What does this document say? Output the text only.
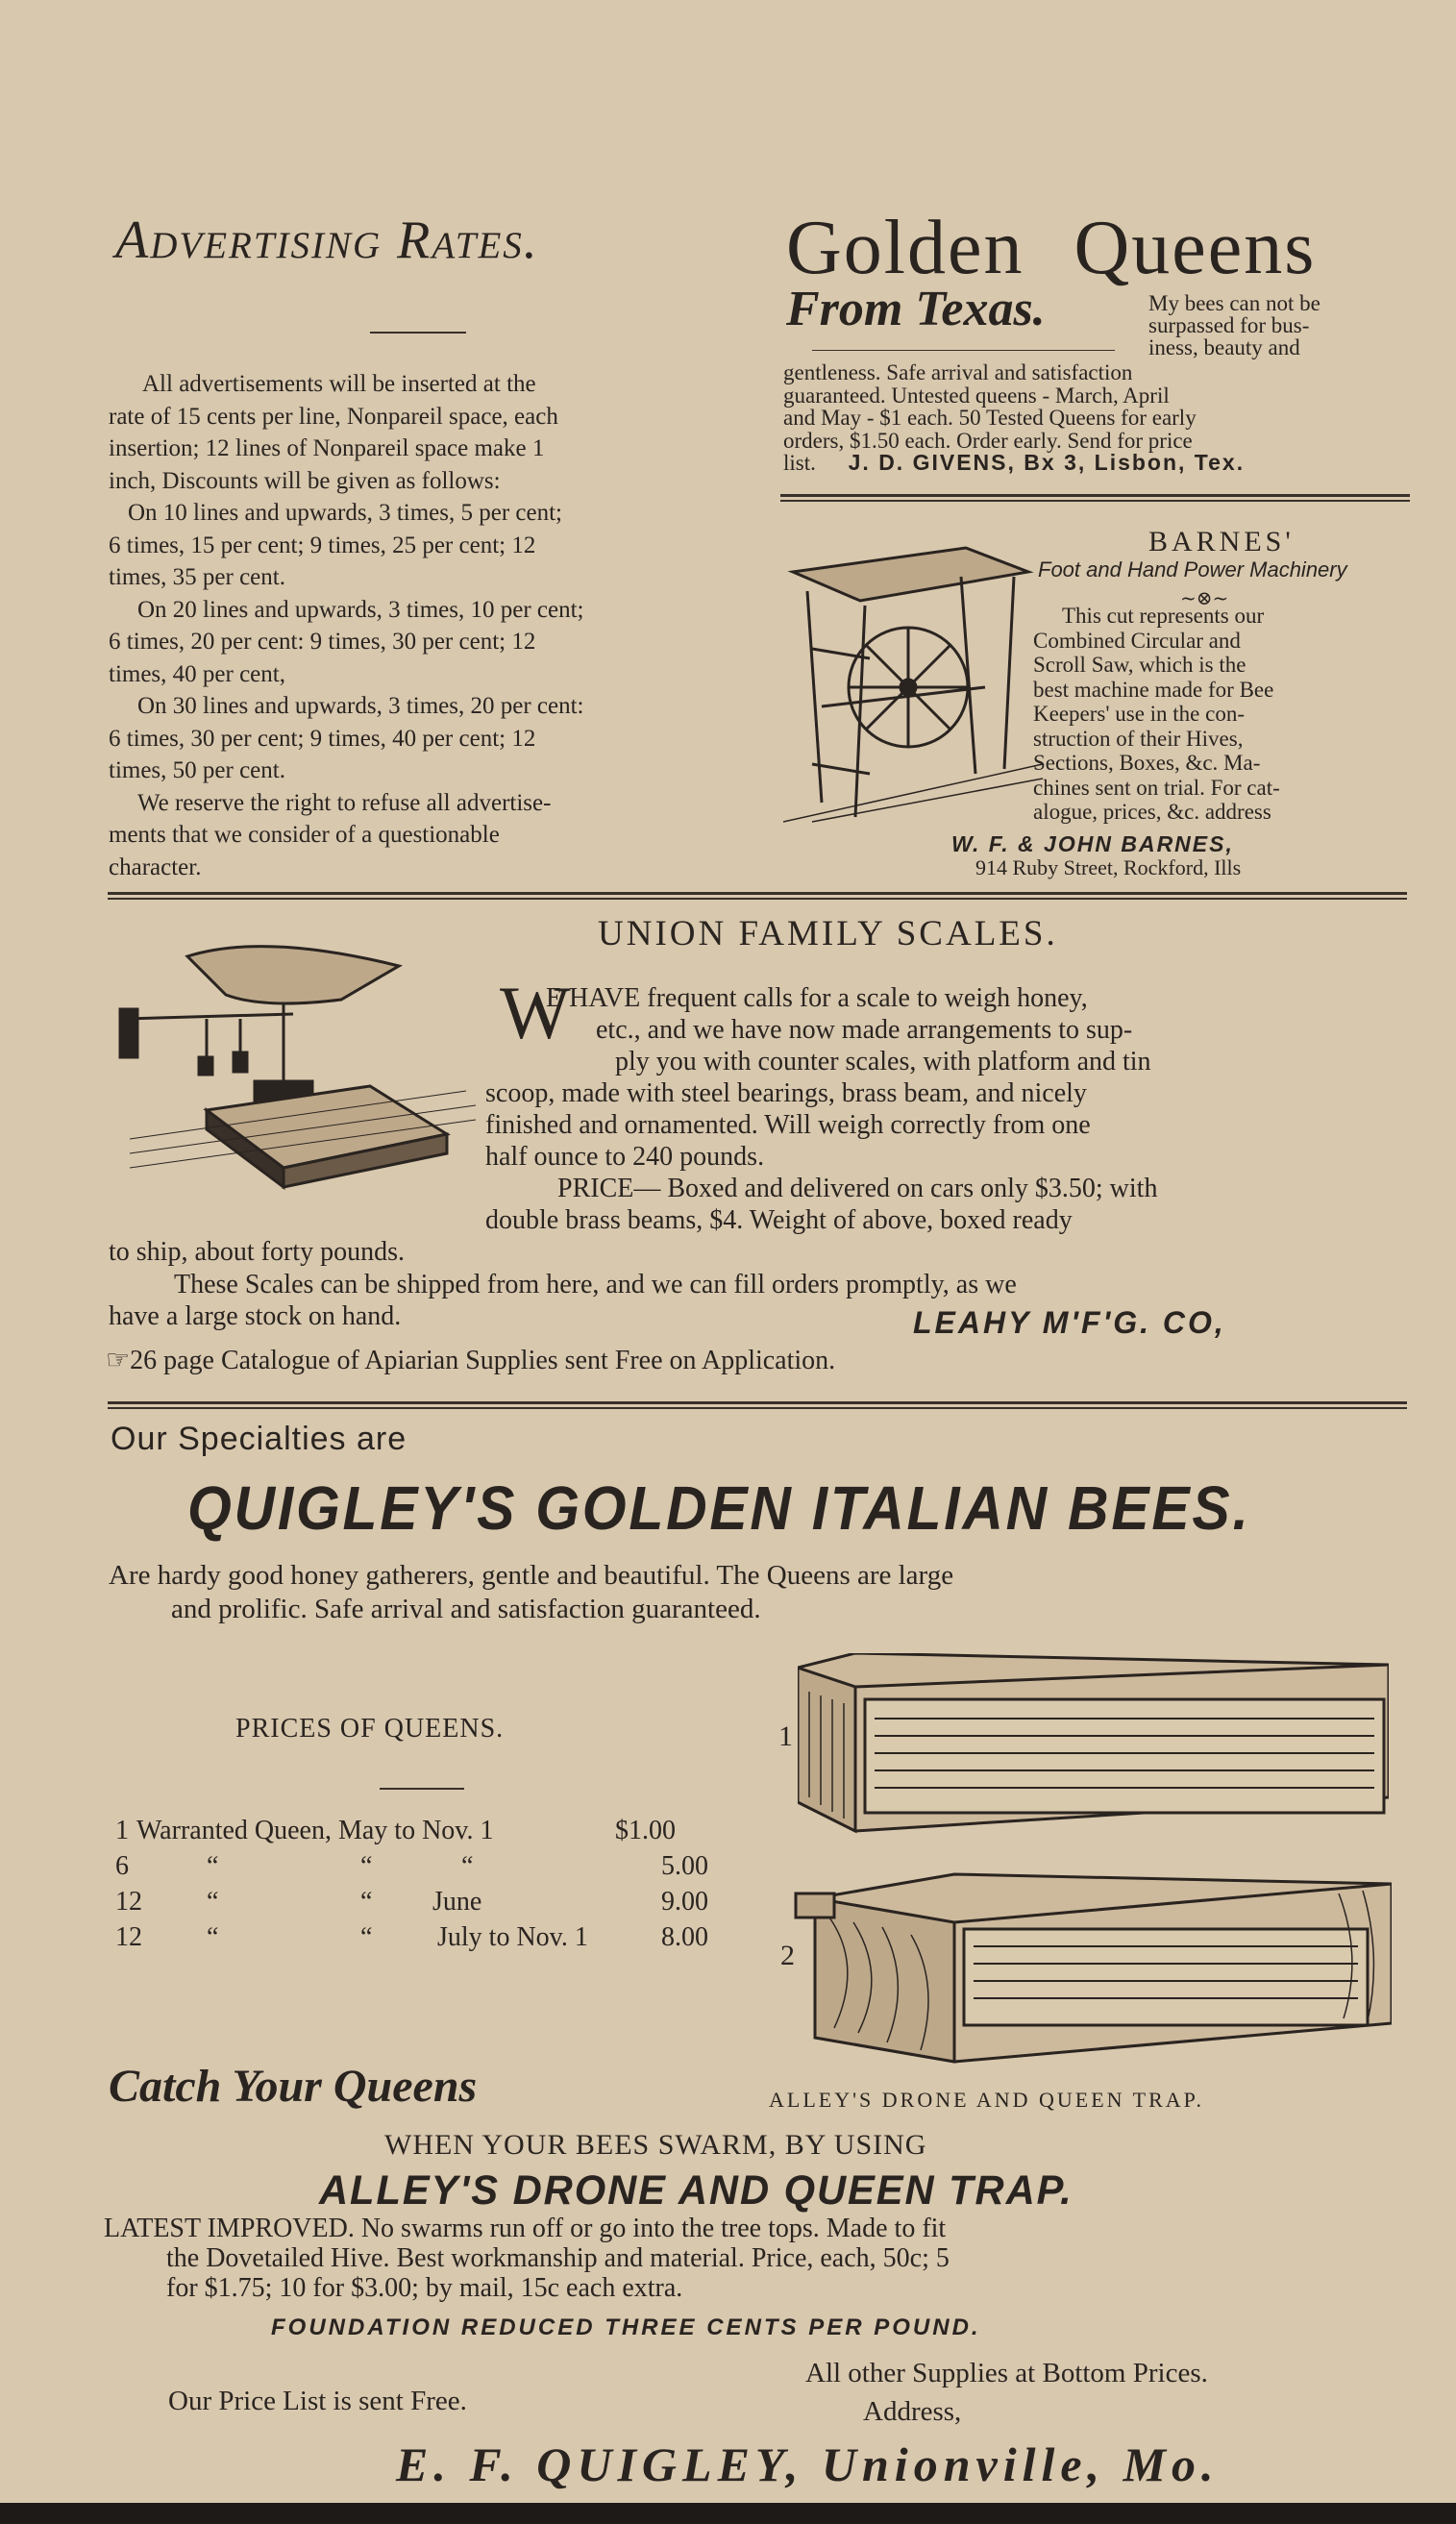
Advertising Rates.
All advertisements will be inserted at the
rate of 15 cents per line, Nonpareil space, each
insertion; 12 lines of Nonpareil space make 1
inch, Discounts will be given as follows:
On 10 lines and upwards, 3 times, 5 per cent;
6 times, 15 per cent; 9 times, 25 per cent; 12
times, 35 per cent.
On 20 lines and upwards, 3 times, 10 per cent;
6 times, 20 per cent: 9 times, 30 per cent; 12
times, 40 per cent,
On 30 lines and upwards, 3 times, 20 per cent:
6 times, 30 per cent; 9 times, 40 per cent; 12
times, 50 per cent.
We reserve the right to refuse all advertise-
ments that we consider of a questionable
character.
Golden Queens
From Texas.	My bees can not be
surpassed for bus-
iness, beauty and
gentleness. Safe arrival and satisfaction
guaranteed. Untested queens - March, April
and May - $1 each. 50 Tested Queens for early
orders, $1.50 each. Order early. Send for price
list. J. D. GIVENS, Bx 3, Lisbon, Tex.
BARNES'
Foot and Hand Power Machinery
~⊗~
This cut represents our
Combined Circular and
Scroll Saw, which is the
best machine made for Bee
Keepers' use in the con-
struction of their Hives,
Sections, Boxes, &c. Ma-
chines sent on trial. For cat-
alogue, prices, &c. address
W. F. & JOHN BARNES,
914 Ruby Street, Rockford, Ills
UNION FAMILY SCALES.
W
E HAVE frequent calls for a scale to weigh honey,
etc., and we have now made arrangements to sup-
ply you with counter scales, with platform and tin
scoop, made with steel bearings, brass beam, and nicely
finished and ornamented. Will weigh correctly from one
half ounce to 240 pounds.
PRICE— Boxed and delivered on cars only $3.50; with
double brass beams, $4. Weight of above, boxed ready
to ship, about forty pounds.
These Scales can be shipped from here, and we can fill orders promptly, as we
have a large stock on hand.	LEAHY M'F'G. CO,
☞26 page Catalogue of Apiarian Supplies sent Free on Application.
Our Specialties are
QUIGLEY'S GOLDEN ITALIAN BEES.
Are hardy good honey gatherers, gentle and beautiful. The Queens are large
and prolific. Safe arrival and satisfaction guaranteed.
PRICES OF QUEENS.
1 Warranted Queen, May to Nov. 1	$1.00
6	“	“	“	5.00
12 “	“ June	9.00
12 “	“ July to Nov. 1	8.00
1
2
Catch Your Queens	ALLEY'S DRONE AND QUEEN TRAP.
WHEN YOUR BEES SWARM, BY USING
ALLEY'S DRONE AND QUEEN TRAP.
LATEST IMPROVED. No swarms run off or go into the tree tops. Made to fit
the Dovetailed Hive. Best workmanship and material. Price, each, 50c; 5
for $1.75; 10 for $3.00; by mail, 15c each extra.
FOUNDATION REDUCED THREE CENTS PER POUND.
All other Supplies at Bottom Prices.
Our Price List is sent Free.	Address,
E. F. QUIGLEY, Unionville, Mo.
